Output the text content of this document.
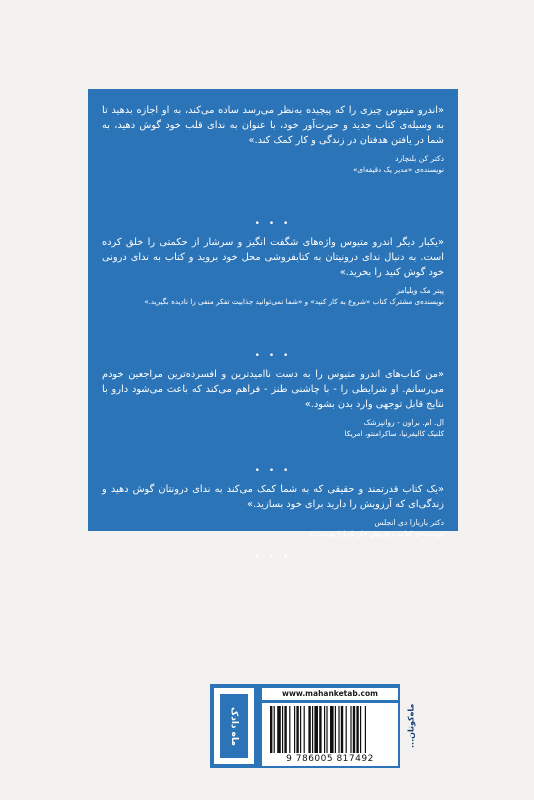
«اندرو متیوس چیزی را که پیچیده به‌نظر می‌رسد ساده می‌کند، به او اجازه بدهید تا به وسیله‌ی کتاب جدید و حیرت‌آور خود، با عنوان به ندای قلب خود گوش دهید، به شما در یافتن هدفتان در زندگی و کار کمک کند.»

دکتر کن بلنچارد

نویسنده‌ی «مدیر یک دقیقه‌ای»

• • •

«یکبار دیگر اندرو متیوس واژه‌های شگفت انگیز و سرشار از حکمتی را خلق کرده است. به دنبال ندای درونیتان به کتابفروشی محل خود بروید و کتاب به ندای درونی خود گوش کنید را بخرید.»

پیتر مک ویلیامز

نویسنده‌ی مشترک کتاب «شروع به کار کنید» و «شما نمی‌توانید جذابیت تفکر منفی را نادیده بگیرید.»

• • •

«من کتاب‌های اندرو متیوس را به دست ناامیدترین و افسرده‌ترین مراجعین خودم می‌رسانم. او شرایطی را - با چاشنی طنز - فراهم می‌کند که باعث می‌شود دارو با نتایج قابل توجهی وارد بدن بشود.»

ال. ام. براون - روانپزشک

کلنیک کالیفرنیا، ساکرامنتو، امریکا

• • •

«یک کتاب قدرتمند و حقیقی که به شما کمک می‌کند به ندای درونتان گوش دهید و زندگی‌ای که آرزویش را دارید برای خود بسازید.»

دکتر باربارا دی انجلس

نویسنده‌ی کتاب پرفروش «از باربارا بپرسید.»

• • •
ماه دادک
www.mahanketab.com
9 786005 817492
...ماه‌کوتان
